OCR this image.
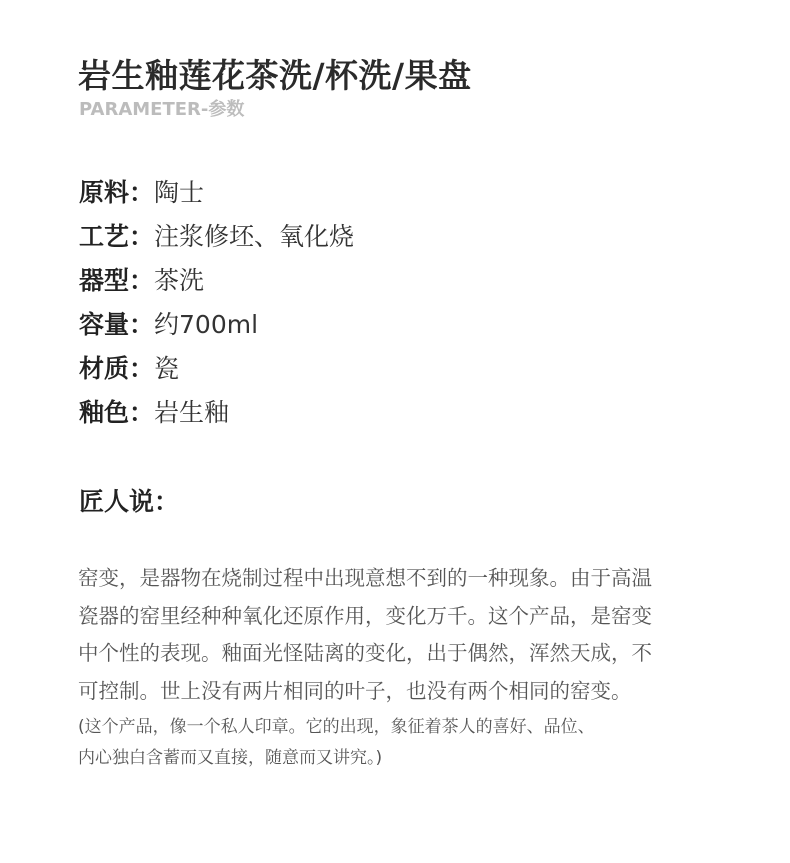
岩生釉莲花茶洗/杯洗/果盘
PARAMETER-参数
原料：陶士
工艺：注浆修坯、氧化烧
器型：茶洗
容量：约700ml
材质：瓷
釉色：岩生釉
匠人说：
窑变，是器物在烧制过程中出现意想不到的一种现象。由于高温
瓷器的窑里经种种氧化还原作用，变化万千。这个产品，是窑变
中个性的表现。釉面光怪陆离的变化，出于偶然，浑然天成，不
可控制。世上没有两片相同的叶子，也没有两个相同的窑变。
(这个产品，像一个私人印章。它的出现，象征着茶人的喜好、品位、
内心独白含蓄而又直接，随意而又讲究。)
